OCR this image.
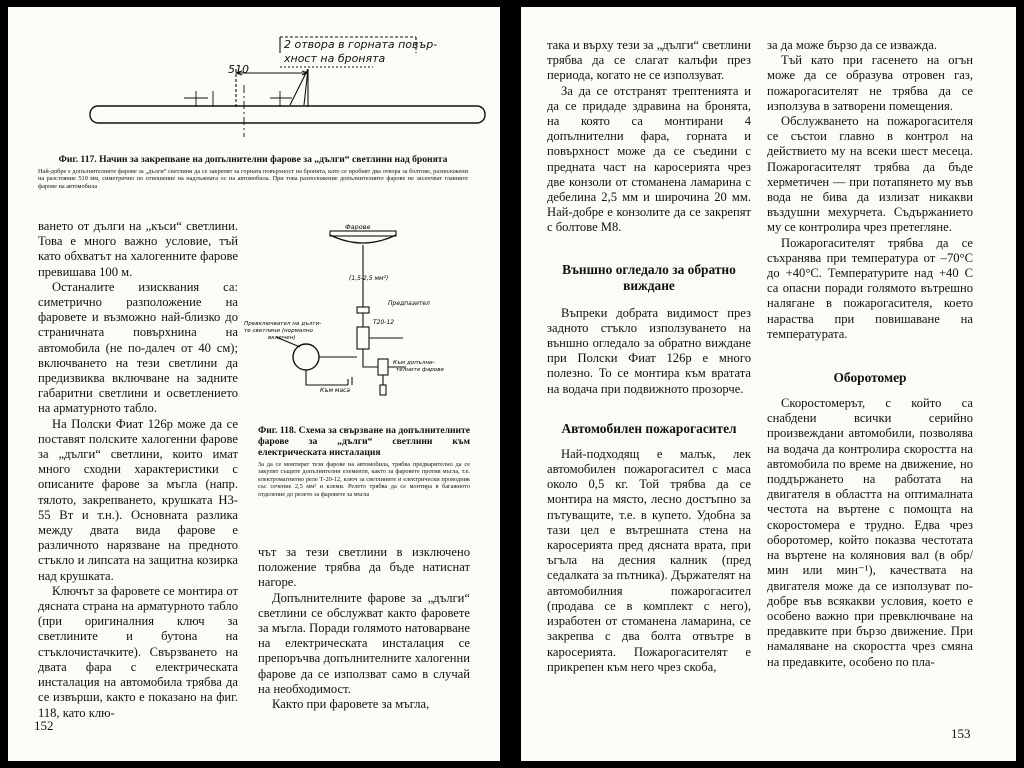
2 отвора в горната повър-
хност на бронята
510

Фиг. 117. Начин за закрепване на допълнителни фарове за „дълги“ светлини над бронята

Най-добре е допълнителните фарове за „дълги“ светлини да се закрепят за горната повърхност на бронята, като се пробият два отвора за болтове, разположени на разстояние 510 мм, симетрично по отношение на надлъжната ос на автомобила. При това разположение допълнителните фарове не засенчват главните фарове на автомобила

ването от дълги на „къси“ светлини. Това е много важно условие, тъй като обхватът на халогенните фарове превишава 100 м.

Останалите изисквания са: симетрично разположение на фаровете и възможно най-близко до страничната повърхнина на автомобила (не по-далеч от 40 см); включването на тези светлини да предизвиква включване на задните габаритни светлини и осветлението на арматурното табло.

На Полски Фиат 126р може да се поставят полските халогенни фарове за „дълги“ светлини, които имат много сходни характеристики с описаните фарове за мъгла (напр. тялото, закрепването, крушката Н3-55 Вт и т.н.). Основната разлика между двата вида фарове е различното нарязване на предното стъкло и липсата на защитна козирка над крушката.

Ключът за фаровете се монтира от дясната страна на арматурното табло (при оригиналния ключ за светлините и бутона на стъклочистачките). Свързването на двата фара с електрическата инсталация на автомобила трябва да се извърши, както е показано на фиг. 118, като клю-

Фарове
(1,5-2,5 мм²)
Предпазител
Т20-12
Превключвател на дълги-
те светлини (нормално
включен)
Към маса
Към допълни-
телните фарове

Фиг. 118. Схема за свързване на допълнителните фарове за „дълги“ светлини към електрическата инсталация

За да се монтират тези фарове на автомобила, трябва предварително да се закупят същите допълнителни елементи, както за фаровете против мъгла, т.е. електромагнитно реле Т-20-12, ключ за светлините и електрически проводник със сечение 2,5 мм² и клеми. Релето трябва да се монтира в багажното отделение до релето за фаровете за мъгла

чът за тези светлини в изключено положение трябва да бъде натиснат нагоре.

Допълнителните фарове за „дълги“ светлини се обслужват както фаровете за мъгла. Поради голямото натоварване на електрическата инсталация се препоръчва допълнителните халогенни фарове да се използват само в случай на необходимост.

Както при фаровете за мъгла,

152

така и върху тези за „дълги“ светлини трябва да се слагат калъфи през периода, когато не се използуват.

За да се отстранят трептенията и да се придаде здравина на бронята, на която са монтирани 4 допълнителни фара, горната и повърхност може да се съедини с предната част на каросерията чрез две конзоли от стоманена ламарина с дебелина 2,5 мм и широчина 20 мм. Най-добре е конзолите да се закрепят с болтове М8.

Външно огледало за обратно

виждане

Въпреки добрата видимост през задното стъкло използуването на външно огледало за обратно виждане при Полски Фиат 126р е много полезно. То се монтира към вратата на водача при подвижното прозорче.

Автомобилен пожарогасител

Най-подходящ е малък, лек автомобилен пожарогасител с маса около 0,5 кг. Той трябва да се монтира на място, лесно достъпно за пътуващите, т.е. в купето. Удобна за тази цел е вътрешната стена на каросерията пред дясната врата, при ъгъла на десния калник (пред седалката за пътника). Държателят на автомобилния пожарогасител (продава се в комплект с него), изработен от стоманена ламарина, се закрепва с два болта отвътре в каросерията. Пожарогасителят е прикрепен към него чрез скоба,

за да може бързо да се изважда.

Тъй като при гасенето на огън може да се образува отровен газ, пожарогасителят не трябва да се използува в затворени помещения.

Обслужването на пожарогасителя се състои главно в контрол на действието му на всеки шест месеца. Пожарогасителят трябва да бъде херметичен — при потапянето му във вода не бива да излизат никакви въздушни мехурчета. Съдържанието му се контролира чрез претегляне.

Пожарогасителят трябва да се съхранява при температура от –70°С до +40°С. Температурите над +40 С са опасни поради голямото вътрешно налягане в пожарогасителя, което нараства при повишаване на температурата.

Оборотомер

Скоростомерът, с който са снабдени всички серийно произвеждани автомобили, позволява на водача да контролира скоростта на автомобила по време на движение, но поддържането на работата на двигателя в областта на оптималната честота на въртене с помощта на скоростомера е трудно. Едва чрез оборотомер, който показва честотата на въртене на коляновия вал (в обр/мин или мин⁻¹), качествата на двигателя може да се използуват по-добре във всякакви условия, което е особено важно при превключване на предавките при бързо движение. При намаляване на скоростта чрез смяна на предавките, особено по пла-

153
